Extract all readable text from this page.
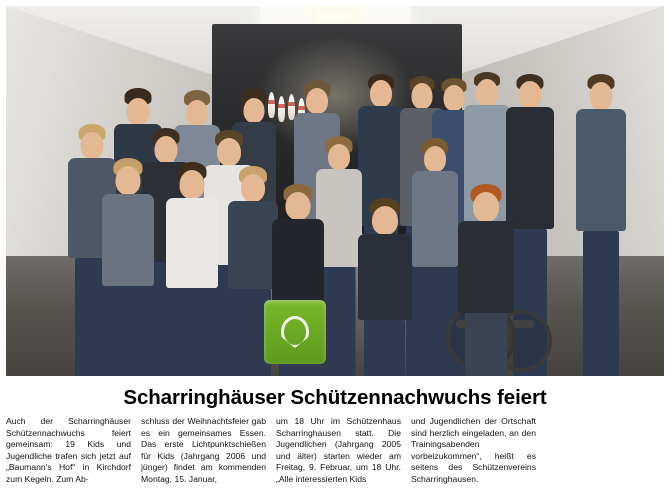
Scharringhäuser Schützennachwuchs feiert

Auch der Scharringhäuser Schützennachwuchs feiert gemeinsam: 19 Kids und Jugendliche trafen sich jetzt auf „Baumann's Hof“ in Kirchdorf zum Kegeln. Zum Ab-

schluss der Weihnachtsfeier gab es ein gemeinsames Essen. Das erste Lichtpunktschießen für Kids (Jahrgang 2006 und jünger) findet am kommenden Montag, 15. Januar,

um 18 Uhr im Schützenhaus Scharringhausen statt. Die Jugendlichen (Jahrgang 2005 und älter) starten wieder am Freitag, 9. Februar, um 18 Uhr. „Alle interessierten Kids

und Jugendlichen der Ortschaft sind herzlich eingeladen, an den Trainingsabenden vorbeizukommen“, heißt es seitens des Schützenvereins Scharringhausen.
